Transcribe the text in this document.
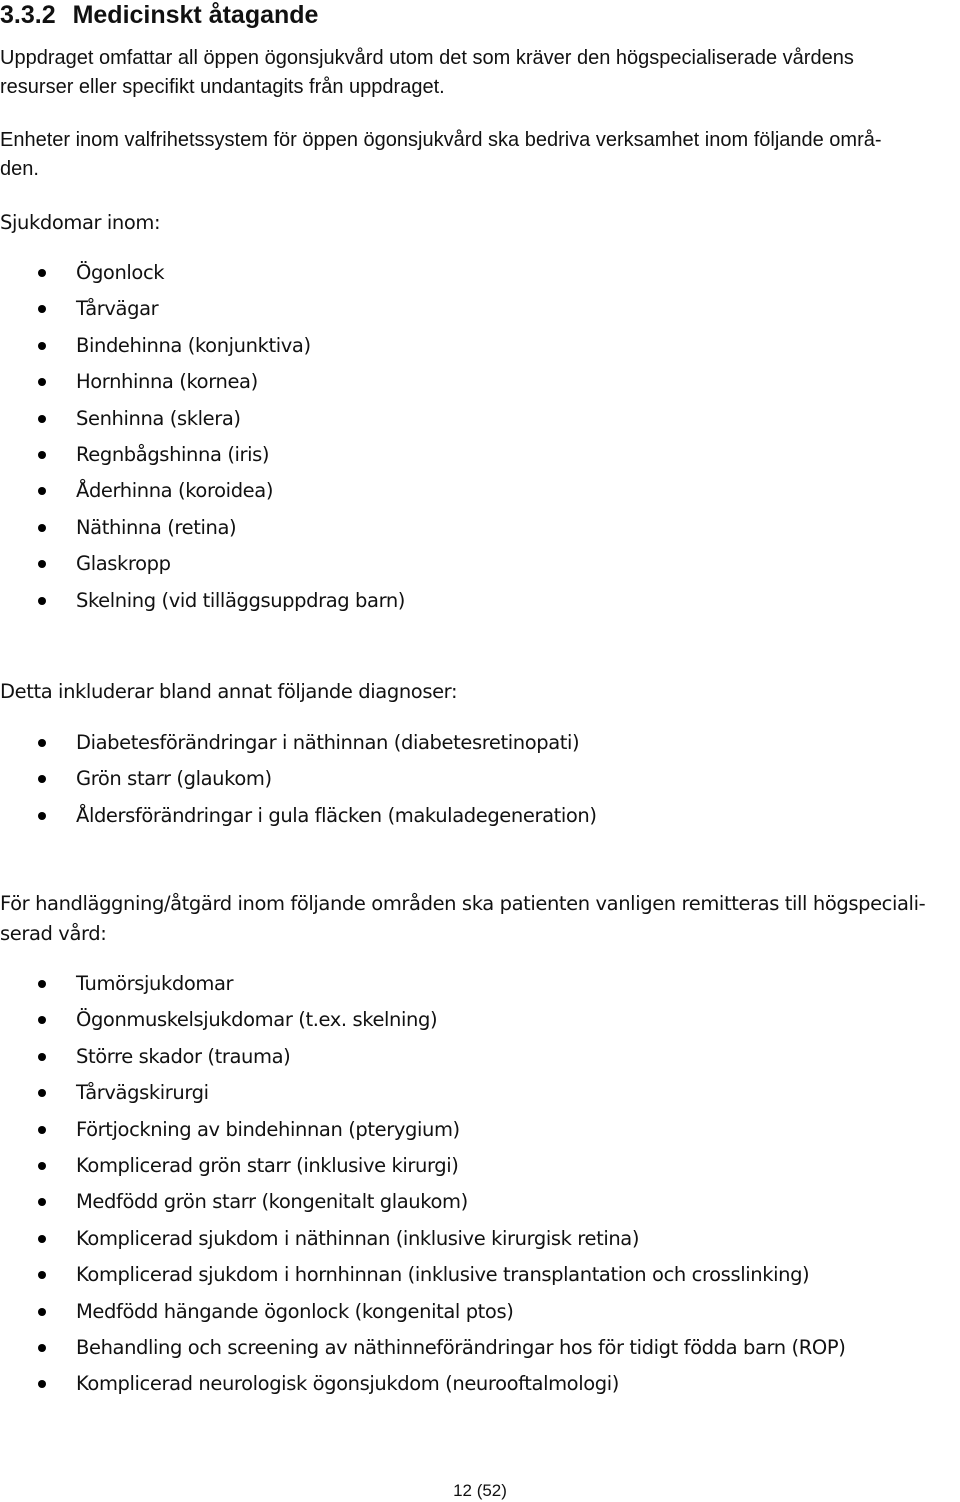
3.3.2 Medicinskt åtagande
Uppdraget omfattar all öppen ögonsjukvård utom det som kräver den högspecialiserade vårdens
resurser eller specifikt undantagits från uppdraget.
Enheter inom valfrihetssystem för öppen ögonsjukvård ska bedriva verksamhet inom följande områ-
den.
Sjukdomar inom:
Ögonlock
Tårvägar
Bindehinna (konjunktiva)
Hornhinna (kornea)
Senhinna (sklera)
Regnbågshinna (iris)
Åderhinna (koroidea)
Näthinna (retina)
Glaskropp
Skelning (vid tilläggsuppdrag barn)
Detta inkluderar bland annat följande diagnoser:
Diabetesförändringar i näthinnan (diabetesretinopati)
Grön starr (glaukom)
Åldersförändringar i gula fläcken (makuladegeneration)
För handläggning/åtgärd inom följande områden ska patienten vanligen remitteras till högspeciali-
serad vård:
Tumörsjukdomar
Ögonmuskelsjukdomar (t.ex. skelning)
Större skador (trauma)
Tårvägskirurgi
Förtjockning av bindehinnan (pterygium)
Komplicerad grön starr (inklusive kirurgi)
Medfödd grön starr (kongenitalt glaukom)
Komplicerad sjukdom i näthinnan (inklusive kirurgisk retina)
Komplicerad sjukdom i hornhinnan (inklusive transplantation och crosslinking)
Medfödd hängande ögonlock (kongenital ptos)
Behandling och screening av näthinneförändringar hos för tidigt födda barn (ROP)
Komplicerad neurologisk ögonsjukdom (neurooftalmologi)
12 (52)
